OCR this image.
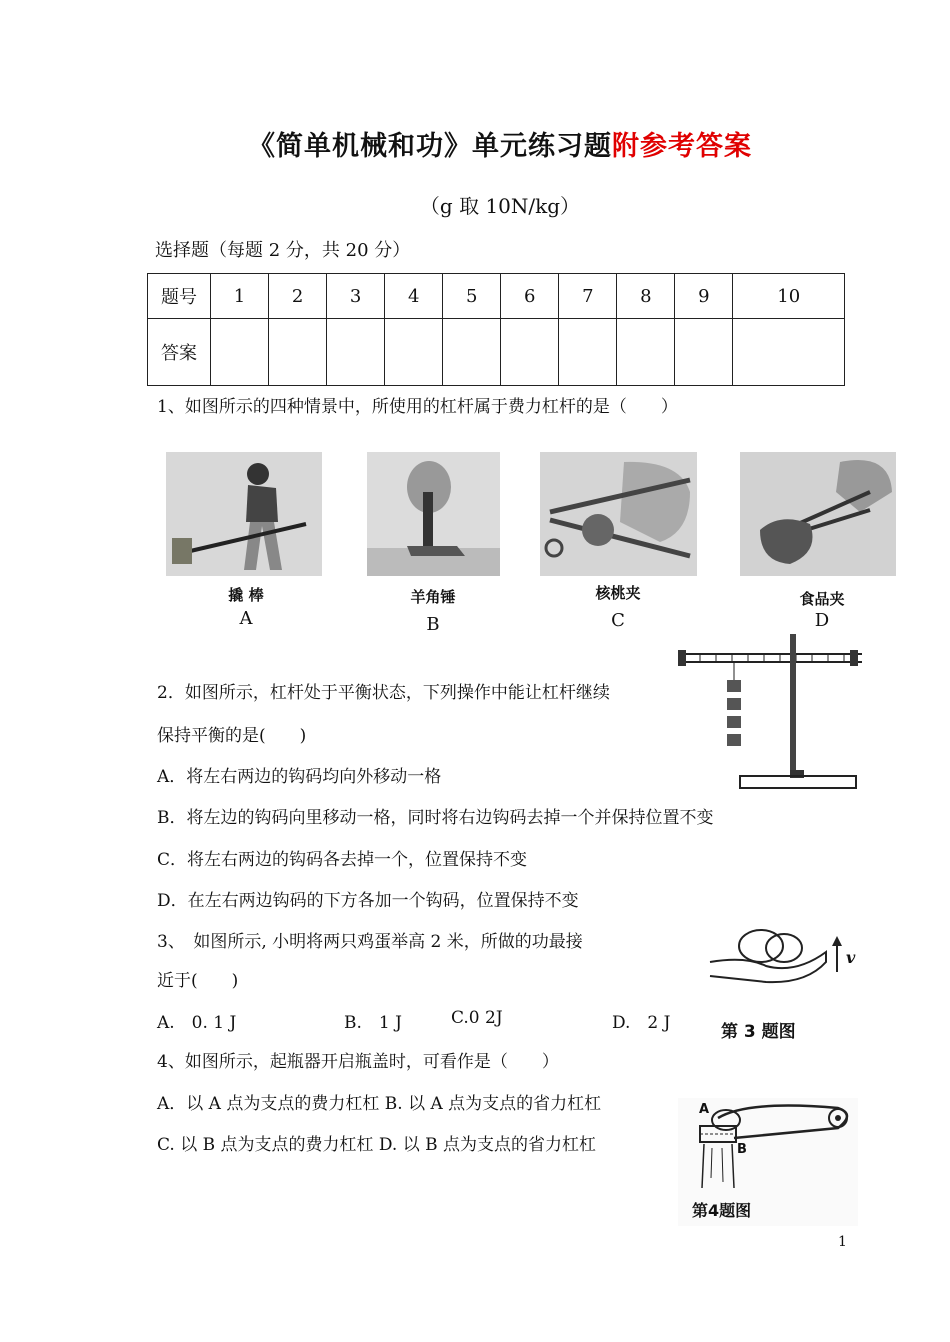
《简单机械和功》单元练习题附参考答案
（g 取 10N/kg）
选择题（每题 2 分，共 20 分）
题号	1	2	3	4	5	6	7	8	9	10
答案										
1、如图所示的四种情景中，所使用的杠杆属于费力杠杆的是（　　）
撬 棒	羊角锤	核桃夹	食品夹
A	B	C	D
2．如图所示，杠杆处于平衡状态，下列操作中能让杠杆继续
保持平衡的是(　　)
A．将左右两边的钩码均向外移动一格
B．将左边的钩码向里移动一格，同时将右边钩码去掉一个并保持位置不变
C．将左右两边的钩码各去掉一个，位置保持不变
D．在左右两边钩码的下方各加一个钩码，位置保持不变
3、　如图所示, 小明将两只鸡蛋举高 2 米，所做的功最接
近于(　　)
A.　0. 1 J	B.　1 J	C.0 2J	D.　2 J
v
第 3 题图
4、如图所示，起瓶器开启瓶盖时，可看作是（　　）
A．以 A 点为支点的费力杠杠 B. 以 A 点为支点的省力杠杠
C. 以 B 点为支点的费力杠杠 D. 以 B 点为支点的省力杠杠
A
B
第4题图
1
